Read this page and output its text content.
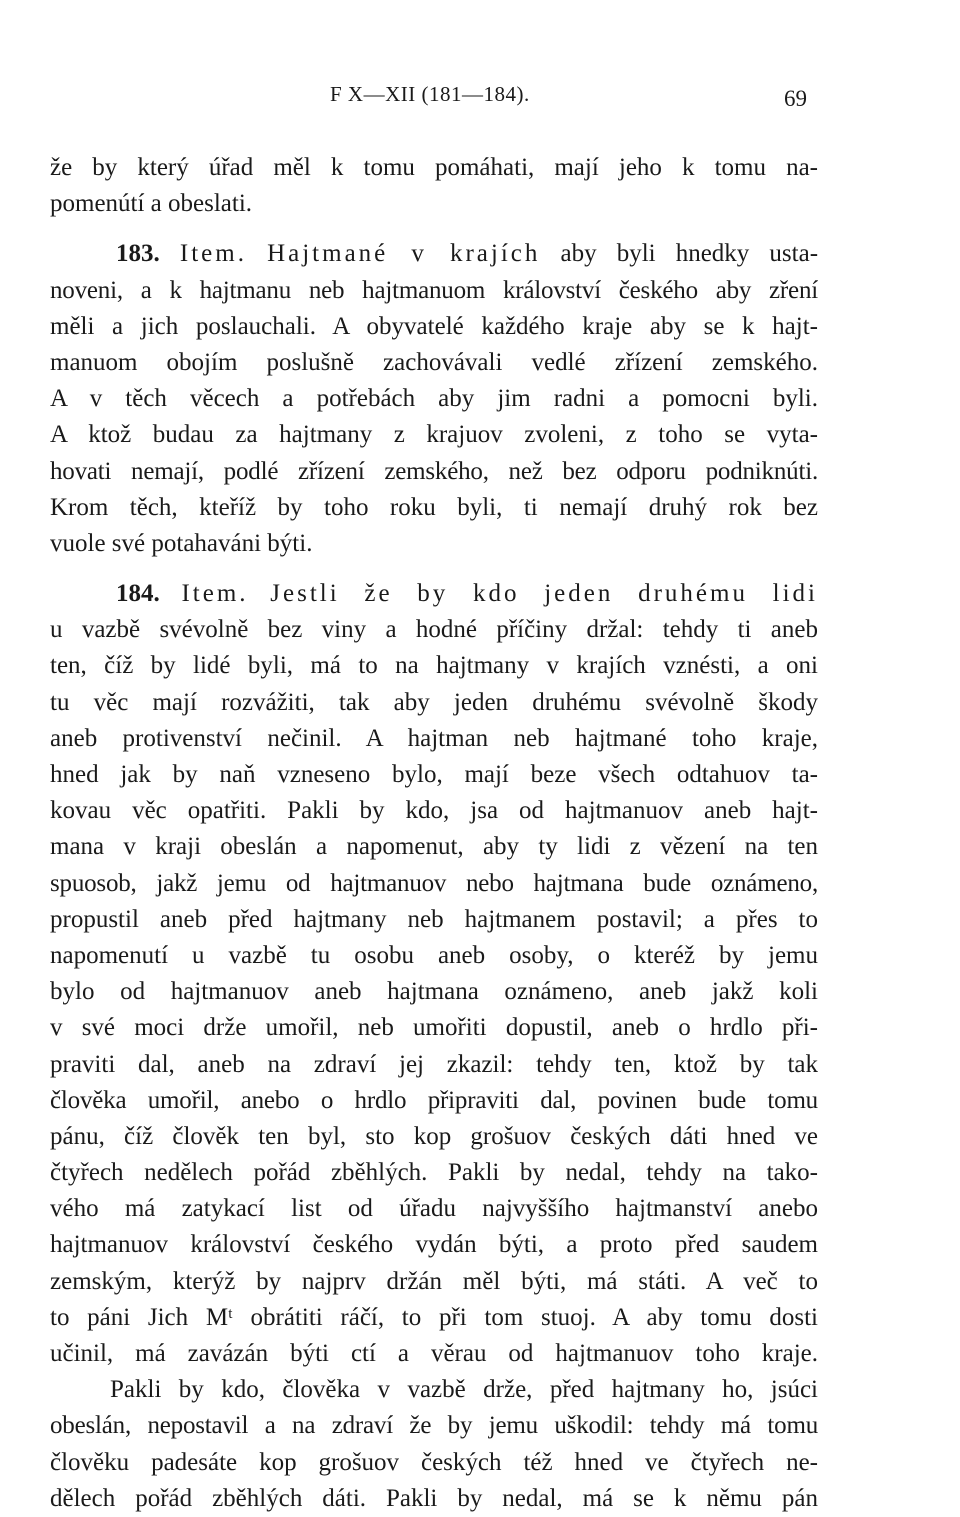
F X—XII (181—184).	69
že by který úřad měl k tomu pomáhati, mají jeho k tomu na-
pomenútí a obeslati.
183. Item. Hajtmané v krajích aby byli hnedky usta-
noveni, a k hajtmanu neb hajtmanuom království českého aby zření
měli a jich poslauchali. A obyvatelé každého kraje aby se k hajt-
manuom obojím poslušně zachovávali vedlé zřízení zemského.
A v těch věcech a potřebách aby jim radni a pomocni byli.
A ktož budau za hajtmany z krajuov zvoleni, z toho se vyta-
hovati nemají, podlé zřízení zemského, než bez odporu podniknúti.
Krom těch, kteříž by toho roku byli, ti nemají druhý rok bez
vuole své potahaváni býti.
184. Item. Jestli že by kdo jeden druhému lidi
u vazbě svévolně bez viny a hodné příčiny držal: tehdy ti aneb
ten, číž by lidé byli, má to na hajtmany v krajích vznésti, a oni
tu věc mají rozvážiti, tak aby jeden druhému svévolně škody
aneb protivenství nečinil. A hajtman neb hajtmané toho kraje,
hned jak by naň vzneseno bylo, mají beze všech odtahuov ta-
kovau věc opatřiti. Pakli by kdo, jsa od hajtmanuov aneb hajt-
mana v kraji obeslán a napomenut, aby ty lidi z vězení na ten
spuosob, jakž jemu od hajtmanuov nebo hajtmana bude oznámeno,
propustil aneb před hajtmany neb hajtmanem postavil; a přes to
napomenutí u vazbě tu osobu aneb osoby, o kteréž by jemu
bylo od hajtmanuov aneb hajtmana oznámeno, aneb jakž koli
v své moci drže umořil, neb umořiti dopustil, aneb o hrdlo při-
praviti dal, aneb na zdraví jej zkazil: tehdy ten, ktož by tak
člověka umořil, anebo o hrdlo připraviti dal, povinen bude tomu
pánu, číž člověk ten byl, sto kop grošuov českých dáti hned ve
čtyřech nedělech pořád zběhlých. Pakli by nedal, tehdy na tako-
vého má zatykací list od úřadu najvyššího hajtmanství anebo
hajtmanuov království českého vydán býti, a proto před saudem
zemským, kterýž by najprv držán měl býti, má státi. A več to
to páni Jich Mᵗ obrátiti ráčí, to při tom stuoj. A aby tomu dosti
učinil, má zavázán býti ctí a věrau od hajtmanuov toho kraje.
Pakli by kdo, člověka v vazbě drže, před hajtmany ho, jsúci
obeslán, nepostavil a na zdraví že by jemu uškodil: tehdy má tomu
člověku padesáte kop grošuov českých též hned ve čtyřech ne-
dělech pořád zběhlých dáti. Pakli by nedal, má se k němu pán
